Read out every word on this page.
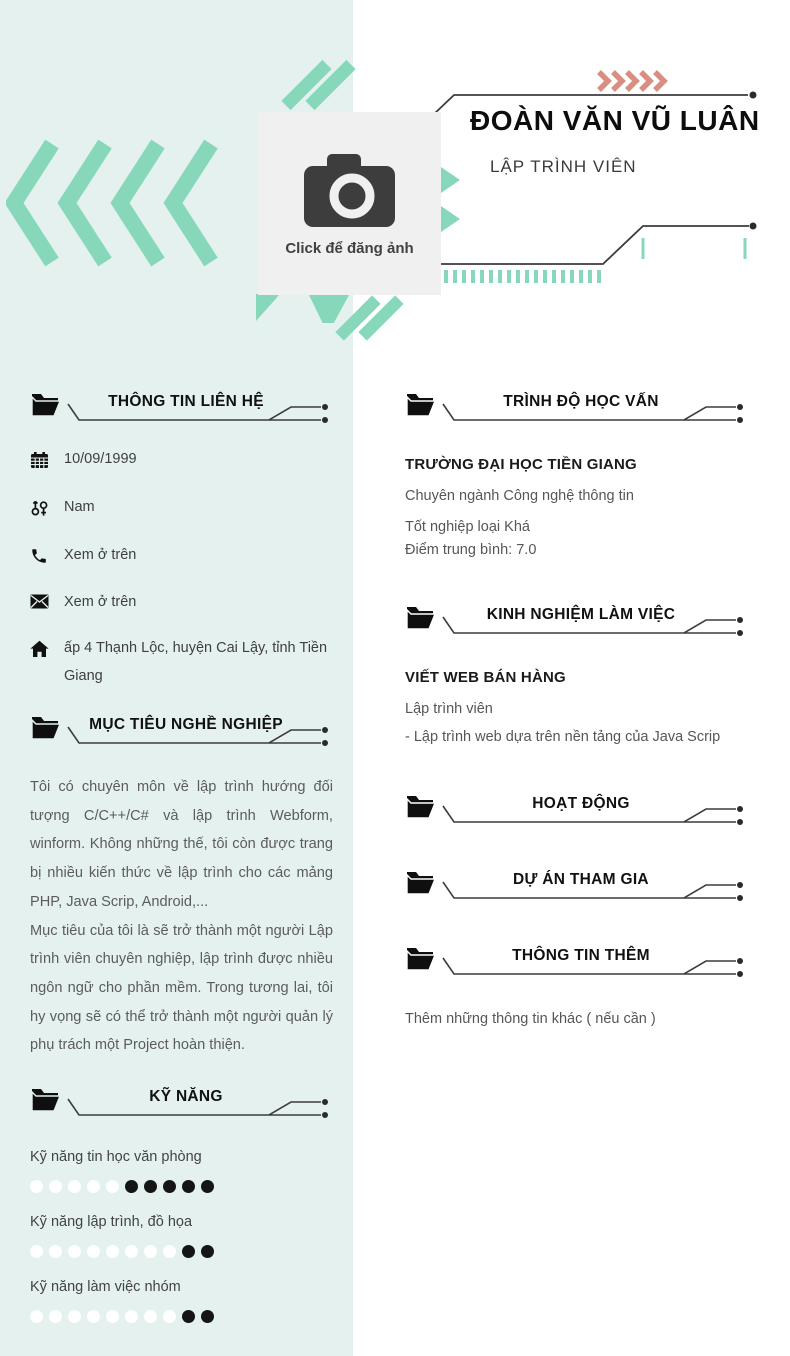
Click để đăng ảnh
ĐOÀN VĂN VŨ LUÂN
LẬP TRÌNH VIÊN
THÔNG TIN LIÊN HỆ
10/09/1999
Nam
Xem ở trên
Xem ở trên
ấp 4 Thạnh Lộc, huyện Cai Lậy, tỉnh Tiền Giang
MỤC TIÊU NGHỀ NGHIỆP

Tôi có chuyên môn về lập trình hướng đối tượng C/C++/C# và lập trình Webform, winform. Không những thế, tôi còn được trang bị nhiều kiến thức về lập trình cho các mảng PHP, Java Scrip, Android,...

Mục tiêu của tôi là sẽ trở thành một người Lập trình viên chuyên nghiệp, lập trình được nhiều ngôn ngữ cho phần mềm. Trong tương lai, tôi hy vọng sẽ có thể trở thành một người quản lý phụ trách một Project hoàn thiện.

KỸ NĂNG
Kỹ năng tin học văn phòng
Kỹ năng lập trình, đồ họa
Kỹ năng làm việc nhóm
TRÌNH ĐỘ HỌC VẤN
TRƯỜNG ĐẠI HỌC TIỀN GIANG
Chuyên ngành Công nghệ thông tin
Tốt nghiệp loại Khá
Điểm trung bình: 7.0
KINH NGHIỆM LÀM VIỆC
VIẾT WEB BÁN HÀNG
Lập trình viên
- Lập trình web dựa trên nền tảng của Java Scrip
HOẠT ĐỘNG
DỰ ÁN THAM GIA
THÔNG TIN THÊM
Thêm những thông tin khác ( nếu cần )
